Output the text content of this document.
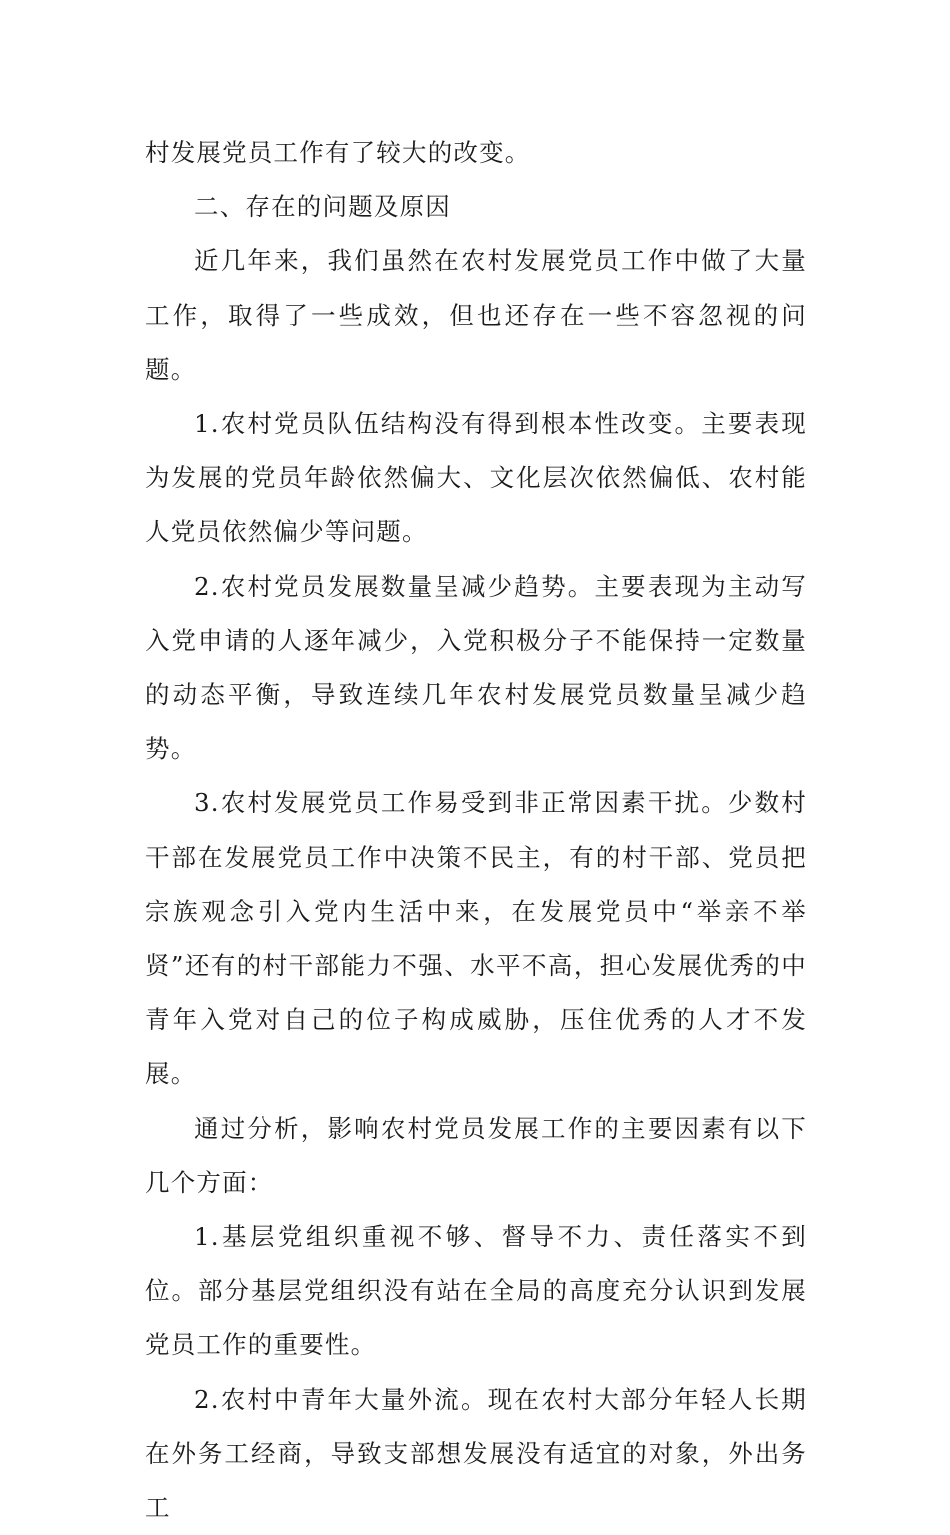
村发展党员工作有了较大的改变。

二、存在的问题及原因

近几年来，我们虽然在农村发展党员工作中做了大量工作，取得了一些成效，但也还存在一些不容忽视的问题。

1.农村党员队伍结构没有得到根本性改变。主要表现为发展的党员年龄依然偏大、文化层次依然偏低、农村能人党员依然偏少等问题。

2.农村党员发展数量呈减少趋势。主要表现为主动写入党申请的人逐年减少，入党积极分子不能保持一定数量的动态平衡，导致连续几年农村发展党员数量呈减少趋势。

3.农村发展党员工作易受到非正常因素干扰。少数村干部在发展党员工作中决策不民主，有的村干部、党员把宗族观念引入党内生活中来，在发展党员中“举亲不举贤”还有的村干部能力不强、水平不高，担心发展优秀的中青年入党对自己的位子构成威胁，压住优秀的人才不发展。

通过分析，影响农村党员发展工作的主要因素有以下几个方面：

1.基层党组织重视不够、督导不力、责任落实不到位。部分基层党组织没有站在全局的高度充分认识到发展党员工作的重要性。

2.农村中青年大量外流。现在农村大部分年轻人长期在外务工经商，导致支部想发展没有适宜的对象，外出务工
